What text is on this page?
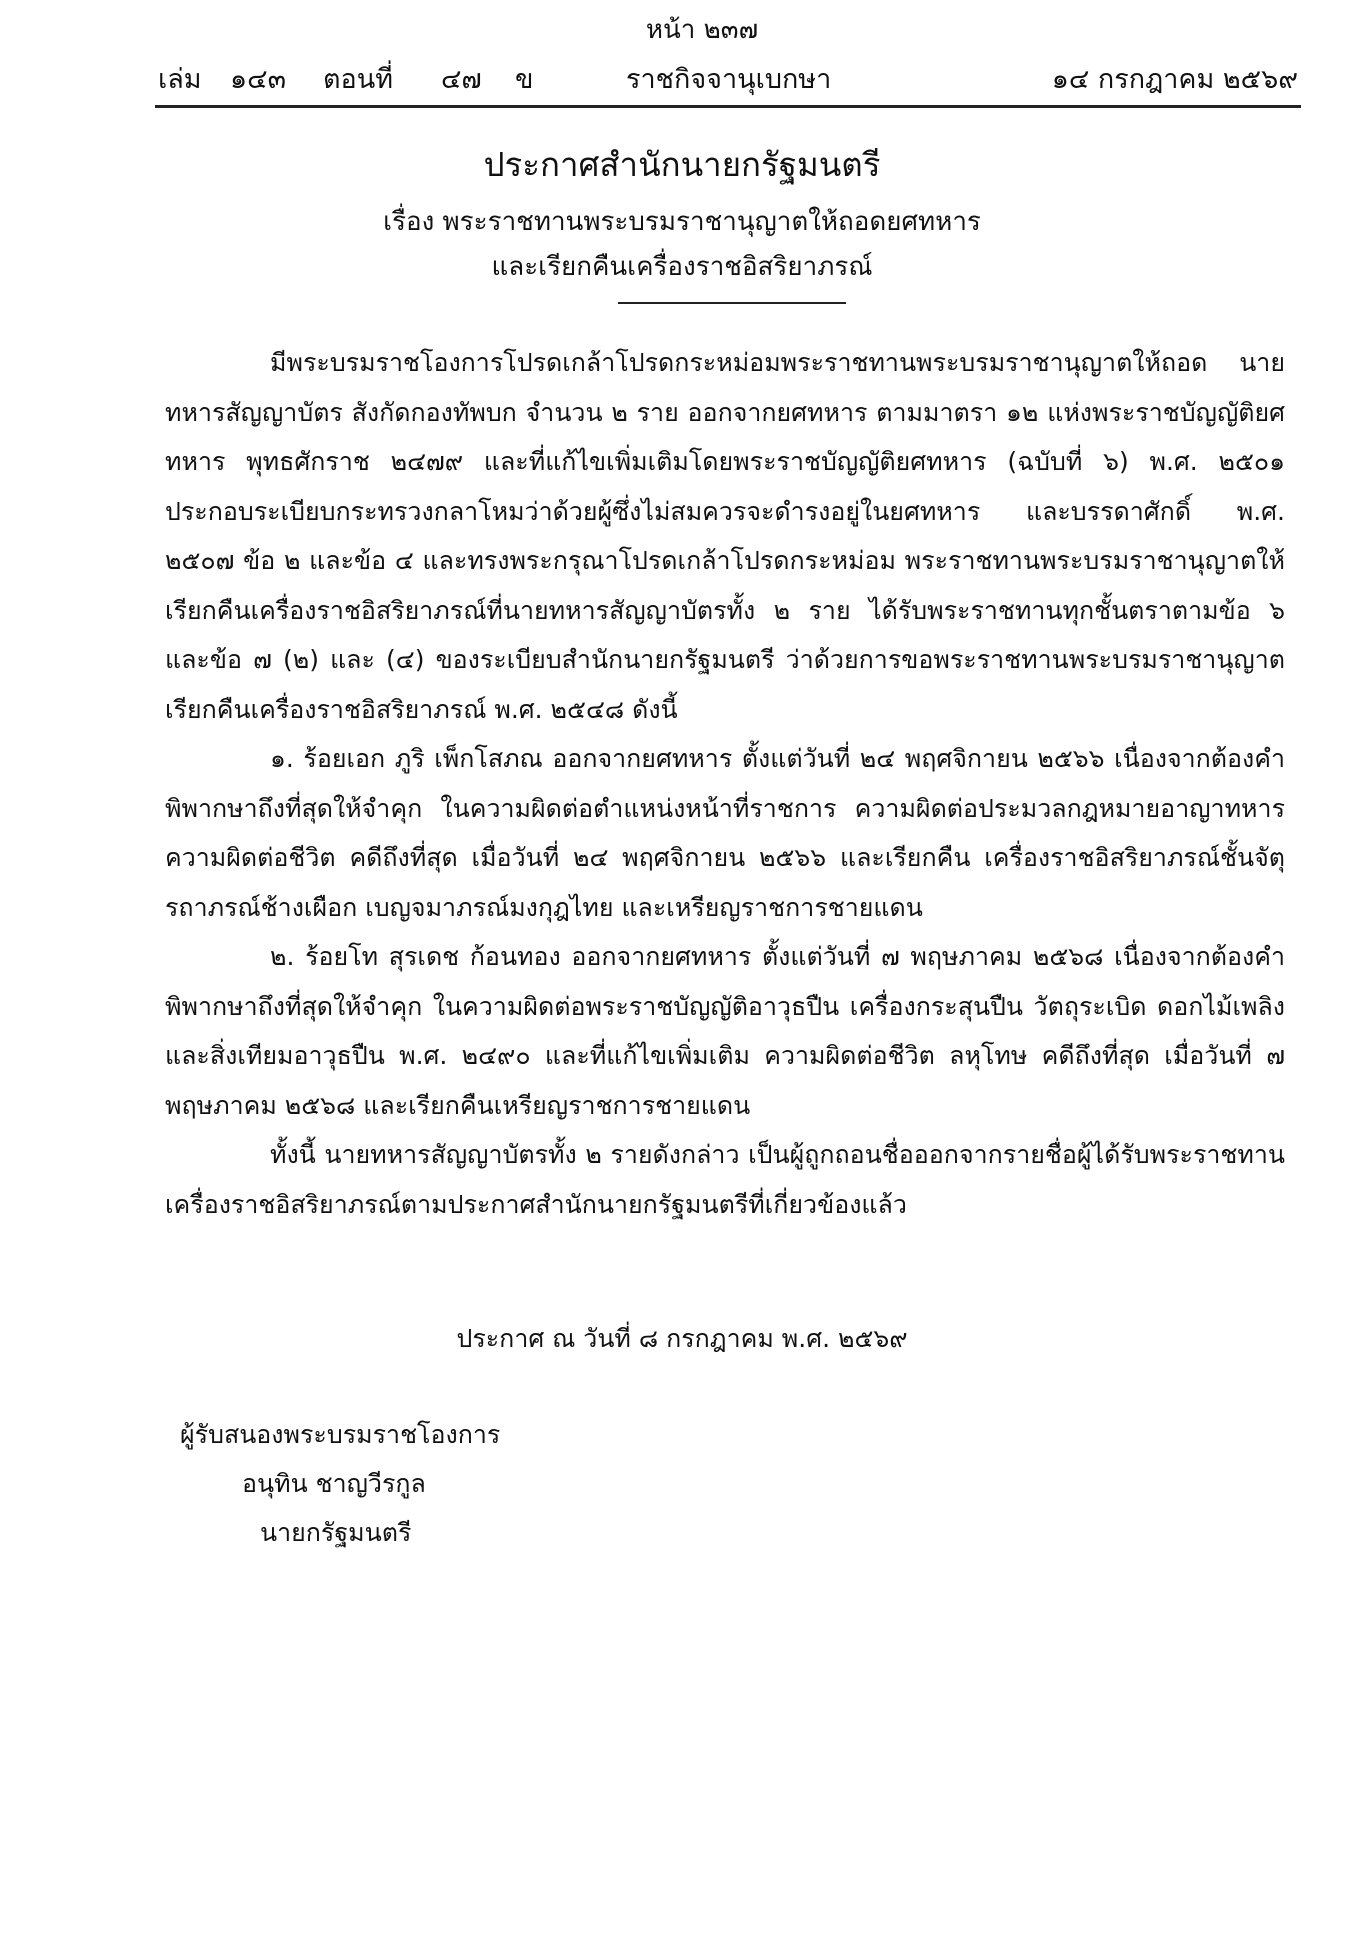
หน้า ๒๓๗
เล่ม ๑๔๓ ตอนที่ ๔๗ ข	ราชกิจจานุเบกษา	๑๔ กรกฎาคม ๒๕๖๙
ประกาศสำนักนายกรัฐมนตรี
เรื่อง พระราชทานพระบรมราชานุญาตให้ถอดยศทหาร
และเรียกคืนเครื่องราชอิสริยาภรณ์

มีพระบรมราชโองการโปรดเกล้าโปรดกระหม่อมพระราชทานพระบรมราชานุญาตให้ถอด นายทหารสัญญาบัตร สังกัดกองทัพบก จำนวน ๒ ราย ออกจากยศทหาร ตามมาตรา ๑๒ แห่งพระราชบัญญัติยศทหาร พุทธศักราช ๒๔๗๙ และที่แก้ไขเพิ่มเติมโดยพระราชบัญญัติยศทหาร (ฉบับที่ ๖) พ.ศ. ๒๕๐๑ ประกอบระเบียบกระทรวงกลาโหมว่าด้วยผู้ซึ่งไม่สมควรจะดำรงอยู่ในยศทหาร และบรรดาศักดิ์ พ.ศ. ๒๕๐๗ ข้อ ๒ และข้อ ๔ และทรงพระกรุณาโปรดเกล้าโปรดกระหม่อม พระราชทานพระบรมราชานุญาตให้เรียกคืนเครื่องราชอิสริยาภรณ์ที่นายทหารสัญญาบัตรทั้ง ๒ ราย ได้รับพระราชทานทุกชั้นตราตามข้อ ๖ และข้อ ๗ (๒) และ (๔) ของระเบียบสำนักนายกรัฐมนตรี ว่าด้วยการขอพระราชทานพระบรมราชานุญาตเรียกคืนเครื่องราชอิสริยาภรณ์ พ.ศ. ๒๕๔๘ ดังนี้

๑. ร้อยเอก ภูริ เพ็กโสภณ ออกจากยศทหาร ตั้งแต่วันที่ ๒๔ พฤศจิกายน ๒๕๖๖ เนื่องจากต้องคำพิพากษาถึงที่สุดให้จำคุก ในความผิดต่อตำแหน่งหน้าที่ราชการ ความผิดต่อประมวลกฎหมายอาญาทหาร ความผิดต่อชีวิต คดีถึงที่สุด เมื่อวันที่ ๒๔ พฤศจิกายน ๒๕๖๖ และเรียกคืน เครื่องราชอิสริยาภรณ์ชั้นจัตุรถาภรณ์ช้างเผือก เบญจมาภรณ์มงกุฎไทย และเหรียญราชการชายแดน

๒. ร้อยโท สุรเดช ก้อนทอง ออกจากยศทหาร ตั้งแต่วันที่ ๗ พฤษภาคม ๒๕๖๘ เนื่องจากต้องคำพิพากษาถึงที่สุดให้จำคุก ในความผิดต่อพระราชบัญญัติอาวุธปืน เครื่องกระสุนปืน วัตถุระเบิด ดอกไม้เพลิง และสิ่งเทียมอาวุธปืน พ.ศ. ๒๔๙๐ และที่แก้ไขเพิ่มเติม ความผิดต่อชีวิต ลหุโทษ คดีถึงที่สุด เมื่อวันที่ ๗ พฤษภาคม ๒๕๖๘ และเรียกคืนเหรียญราชการชายแดน

ทั้งนี้ นายทหารสัญญาบัตรทั้ง ๒ รายดังกล่าว เป็นผู้ถูกถอนชื่อออกจากรายชื่อผู้ได้รับพระราชทาน เครื่องราชอิสริยาภรณ์ตามประกาศสำนักนายกรัฐมนตรีที่เกี่ยวข้องแล้ว

ประกาศ ณ วันที่ ๘ กรกฎาคม พ.ศ. ๒๕๖๙
ผู้รับสนองพระบรมราชโองการ
อนุทิน ชาญวีรกูล
นายกรัฐมนตรี
